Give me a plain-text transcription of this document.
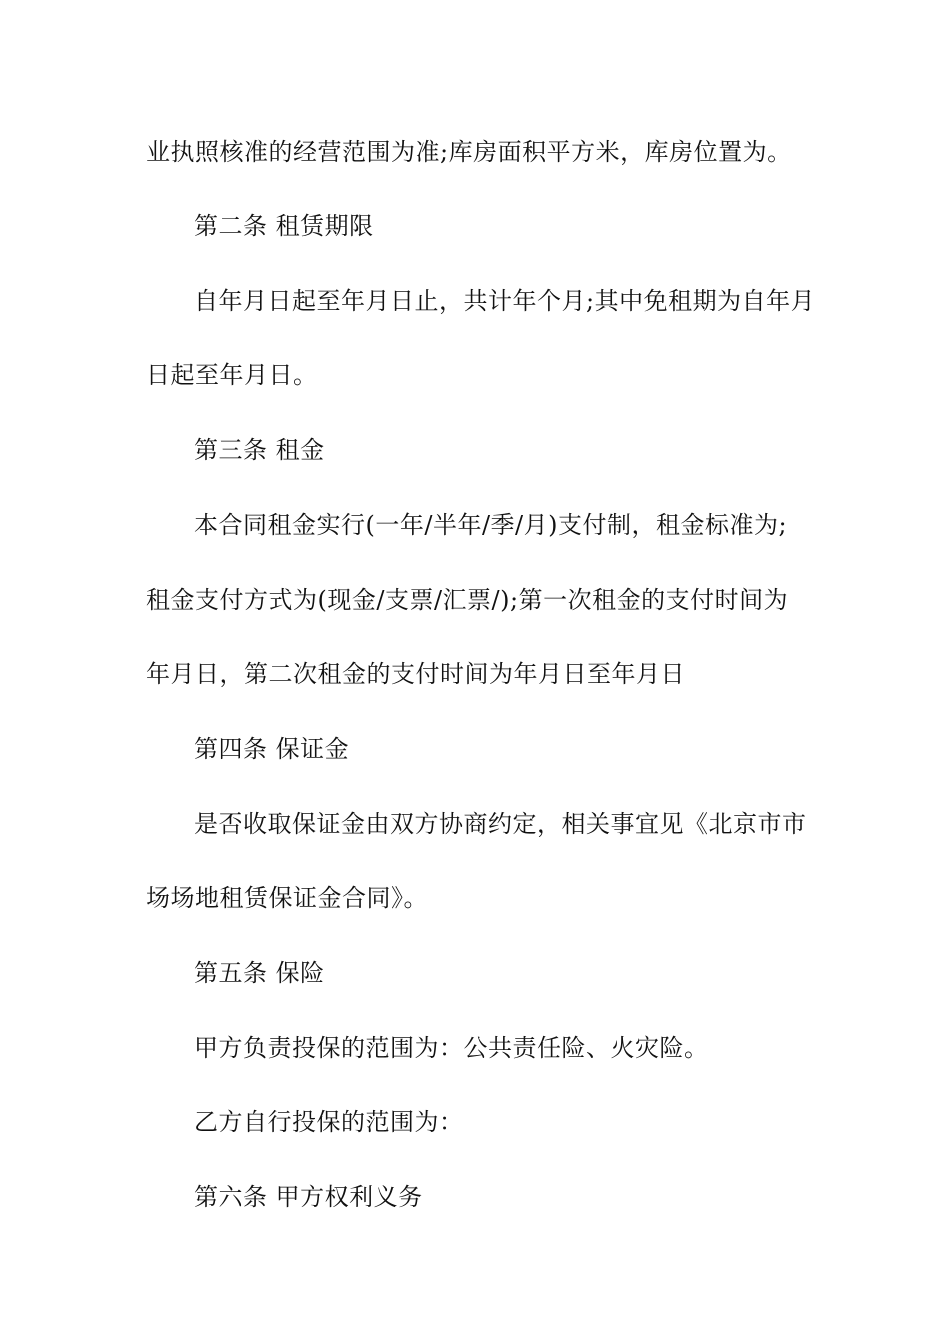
业执照核准的经营范围为准;库房面积平方米，库房位置为。
第二条 租赁期限
自年月日起至年月日止，共计年个月;其中免租期为自年月
日起至年月日。
第三条 租金
本合同租金实行(一年/半年/季/月)支付制，租金标准为;
租金支付方式为(现金/支票/汇票/);第一次租金的支付时间为
年月日，第二次租金的支付时间为年月日至年月日
第四条 保证金
是否收取保证金由双方协商约定，相关事宜见《北京市市
场场地租赁保证金合同》。
第五条 保险
甲方负责投保的范围为：公共责任险、火灾险。
乙方自行投保的范围为：
第六条 甲方权利义务
